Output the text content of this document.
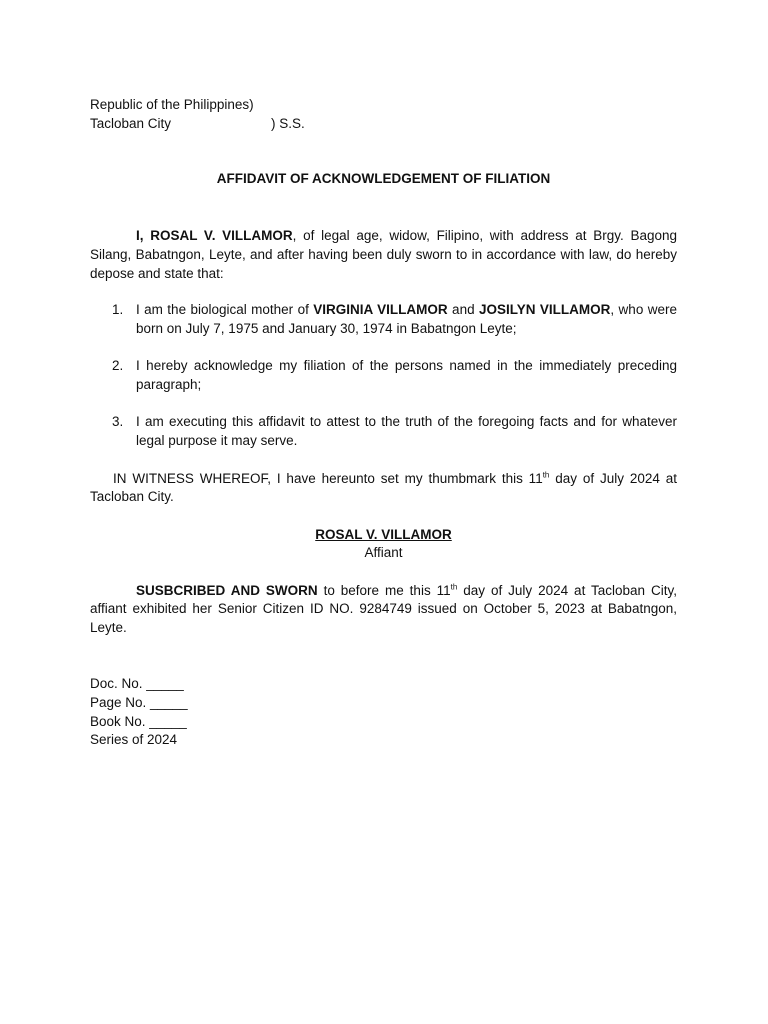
Republic of the Philippines)
Tacloban City	) S.S.
AFFIDAVIT OF ACKNOWLEDGEMENT OF FILIATION

I, ROSAL V. VILLAMOR, of legal age, widow, Filipino, with address at Brgy. Bagong Silang, Babatngon, Leyte, and after having been duly sworn to in accordance with law, do hereby depose and state that:

1. I am the biological mother of VIRGINIA VILLAMOR and JOSILYN VILLAMOR, who were born on July 7, 1975 and January 30, 1974 in Babatngon Leyte;
2. I hereby acknowledge my filiation of the persons named in the immediately preceding paragraph;
3. I am executing this affidavit to attest to the truth of the foregoing facts and for whatever legal purpose it may serve.

IN WITNESS WHEREOF, I have hereunto set my thumbmark this 11th day of July 2024 at Tacloban City.

ROSAL V. VILLAMOR
Affiant

SUSBCRIBED AND SWORN to before me this 11th day of July 2024 at Tacloban City, affiant exhibited her Senior Citizen ID NO. 9284749 issued on October 5, 2023 at Babatngon, Leyte.

Doc. No. _____
Page No. _____
Book No. _____
Series of 2024
